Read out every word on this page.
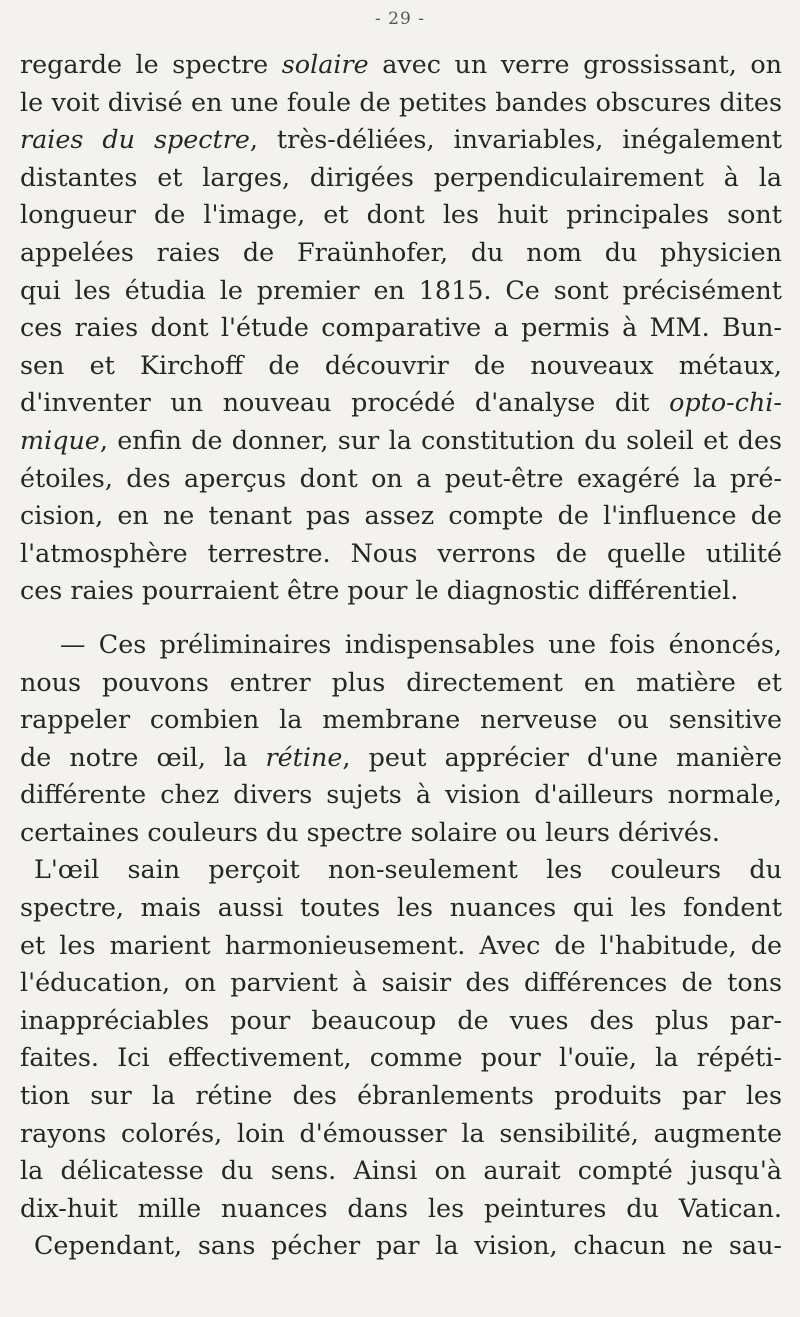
- 29 -
regarde le spectre solaire avec un verre grossissant, on
le voit divisé en une foule de petites bandes obscures dites
raies du spectre, très-déliées, invariables, inégalement
distantes et larges, dirigées perpendiculairement à la
longueur de l'image, et dont les huit principales sont
appelées raies de Fraünhofer, du nom du physicien
qui les étudia le premier en 1815. Ce sont précisément
ces raies dont l'étude comparative a permis à MM. Bun-
sen et Kirchoff de découvrir de nouveaux métaux,
d'inventer un nouveau procédé d'analyse dit opto-chi-
mique, enfin de donner, sur la constitution du soleil et des
étoiles, des aperçus dont on a peut-être exagéré la pré-
cision, en ne tenant pas assez compte de l'influence de
l'atmosphère terrestre. Nous verrons de quelle utilité
ces raies pourraient être pour le diagnostic différentiel.
— Ces préliminaires indispensables une fois énoncés,
nous pouvons entrer plus directement en matière et
rappeler combien la membrane nerveuse ou sensitive
de notre œil, la rétine, peut apprécier d'une manière
différente chez divers sujets à vision d'ailleurs normale,
certaines couleurs du spectre solaire ou leurs dérivés.
L'œil sain perçoit non-seulement les couleurs du
spectre, mais aussi toutes les nuances qui les fondent
et les marient harmonieusement. Avec de l'habitude, de
l'éducation, on parvient à saisir des différences de tons
inappréciables pour beaucoup de vues des plus par-
faites. Ici effectivement, comme pour l'ouïe, la répéti-
tion sur la rétine des ébranlements produits par les
rayons colorés, loin d'émousser la sensibilité, augmente
la délicatesse du sens. Ainsi on aurait compté jusqu'à
dix-huit mille nuances dans les peintures du Vatican.
Cependant, sans pécher par la vision, chacun ne sau-
